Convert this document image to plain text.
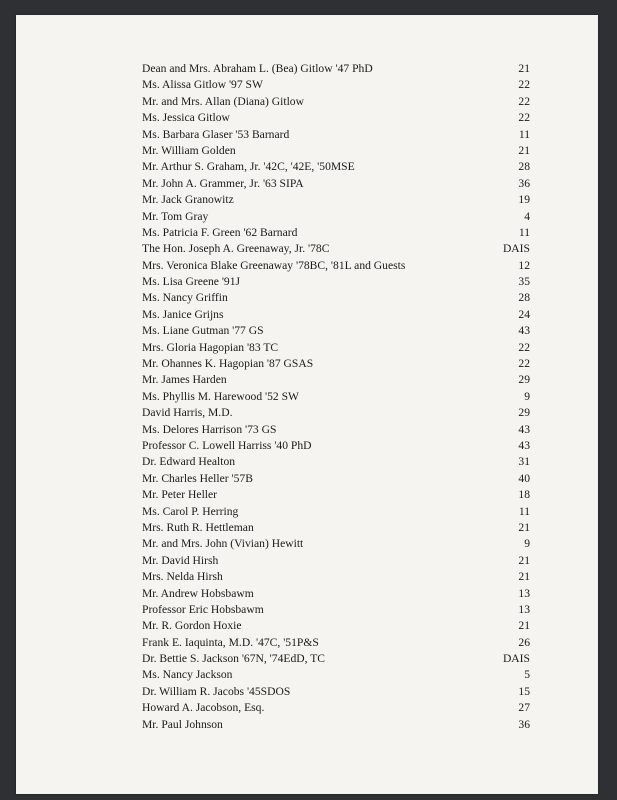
Dean and Mrs. Abraham L. (Bea) Gitlow '47 PhD	21
Ms. Alissa Gitlow '97 SW	22
Mr. and Mrs. Allan (Diana) Gitlow	22
Ms. Jessica Gitlow	22
Ms. Barbara Glaser '53 Barnard	11
Mr. William Golden	21
Mr. Arthur S. Graham, Jr. '42C, '42E, '50MSE	28
Mr. John A. Grammer, Jr. '63 SIPA	36
Mr. Jack Granowitz	19
Mr. Tom Gray	4
Ms. Patricia F. Green '62 Barnard	11
The Hon. Joseph A. Greenaway, Jr. '78C	DAIS
Mrs. Veronica Blake Greenaway '78BC, '81L and Guests	12
Ms. Lisa Greene '91J	35
Ms. Nancy Griffin	28
Ms. Janice Grijns	24
Ms. Liane Gutman '77 GS	43
Mrs. Gloria Hagopian '83 TC	22
Mr. Ohannes K. Hagopian '87 GSAS	22
Mr. James Harden	29
Ms. Phyllis M. Harewood '52 SW	9
David Harris, M.D.	29
Ms. Delores Harrison '73 GS	43
Professor C. Lowell Harriss '40 PhD	43
Dr. Edward Healton	31
Mr. Charles Heller '57B	40
Mr. Peter Heller	18
Ms. Carol P. Herring	11
Mrs. Ruth R. Hettleman	21
Mr. and Mrs. John (Vivian) Hewitt	9
Mr. David Hirsh	21
Mrs. Nelda Hirsh	21
Mr. Andrew Hobsbawm	13
Professor Eric Hobsbawm	13
Mr. R. Gordon Hoxie	21
Frank E. Iaquinta, M.D. '47C, '51P&S	26
Dr. Bettie S. Jackson '67N, '74EdD, TC	DAIS
Ms. Nancy Jackson	5
Dr. William R. Jacobs '45SDOS	15
Howard A. Jacobson, Esq.	27
Mr. Paul Johnson	36
